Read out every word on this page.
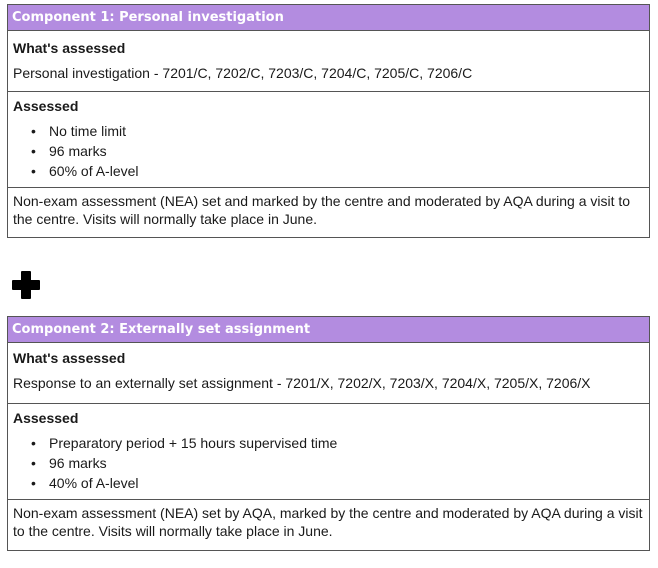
Component 1: Personal investigation

What's assessed

Personal investigation - 7201/C, 7202/C, 7203/C, 7204/C, 7205/C, 7206/C

Assessed

• No time limit
• 96 marks
• 60% of A-level

Non-exam assessment (NEA) set and marked by the centre and moderated by AQA during a visit to the centre. Visits will normally take place in June.

Component 2: Externally set assignment

What's assessed

Response to an externally set assignment - 7201/X, 7202/X, 7203/X, 7204/X, 7205/X, 7206/X

Assessed

• Preparatory period + 15 hours supervised time
• 96 marks
• 40% of A-level

Non-exam assessment (NEA) set by AQA, marked by the centre and moderated by AQA during a visit to the centre. Visits will normally take place in June.
